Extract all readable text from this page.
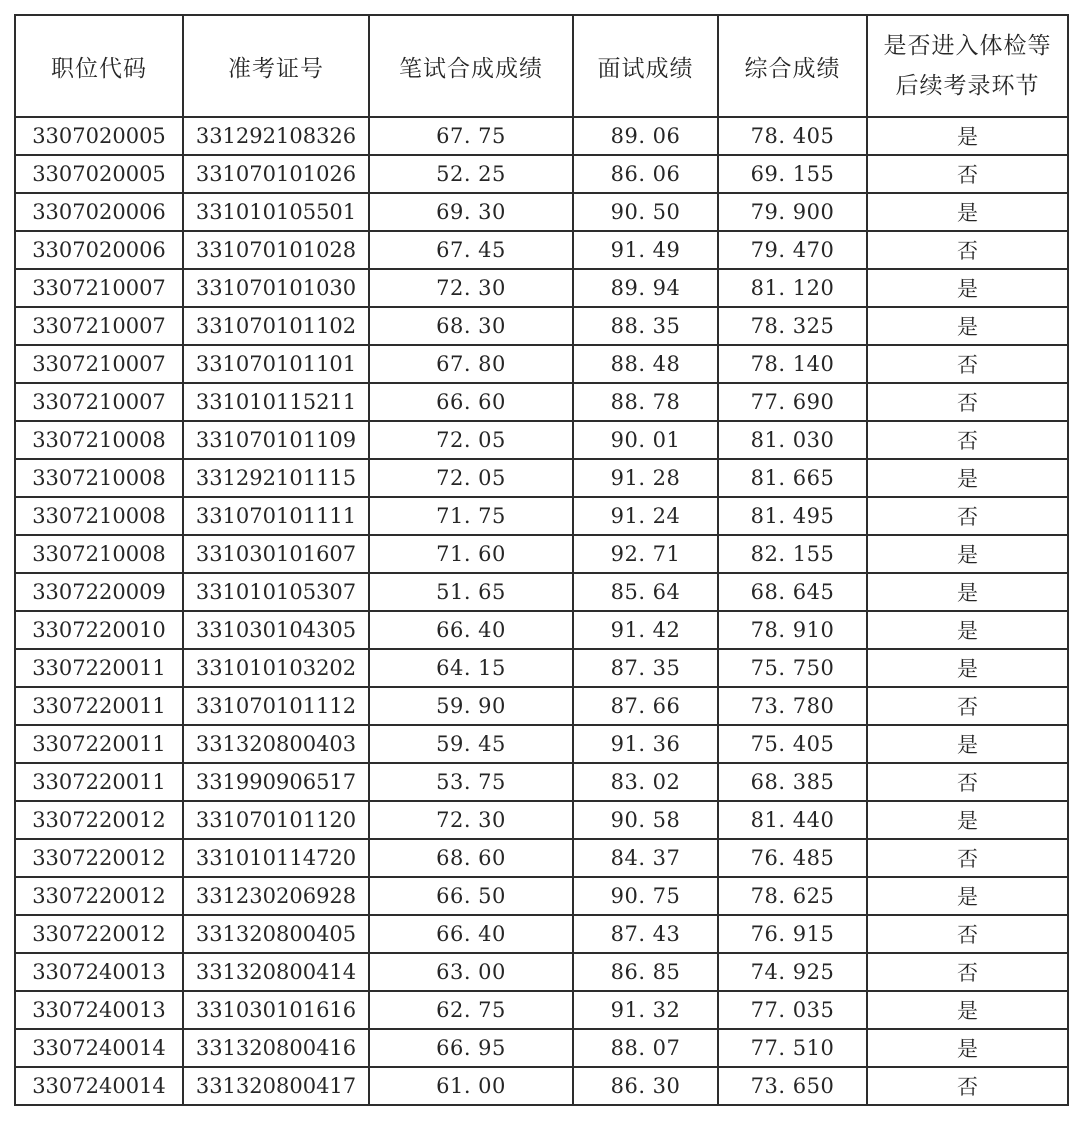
职位代码	准考证号	笔试合成成绩	面试成绩	综合成绩	是否进入体检等
后续考录环节

3307020005	331292108326	67. 75	89. 06	78. 405	是
3307020005	331070101026	52. 25	86. 06	69. 155	否
3307020006	331010105501	69. 30	90. 50	79. 900	是
3307020006	331070101028	67. 45	91. 49	79. 470	否
3307210007	331070101030	72. 30	89. 94	81. 120	是
3307210007	331070101102	68. 30	88. 35	78. 325	是
3307210007	331070101101	67. 80	88. 48	78. 140	否
3307210007	331010115211	66. 60	88. 78	77. 690	否
3307210008	331070101109	72. 05	90. 01	81. 030	否
3307210008	331292101115	72. 05	91. 28	81. 665	是
3307210008	331070101111	71. 75	91. 24	81. 495	否
3307210008	331030101607	71. 60	92. 71	82. 155	是
3307220009	331010105307	51. 65	85. 64	68. 645	是
3307220010	331030104305	66. 40	91. 42	78. 910	是
3307220011	331010103202	64. 15	87. 35	75. 750	是
3307220011	331070101112	59. 90	87. 66	73. 780	否
3307220011	331320800403	59. 45	91. 36	75. 405	是
3307220011	331990906517	53. 75	83. 02	68. 385	否
3307220012	331070101120	72. 30	90. 58	81. 440	是
3307220012	331010114720	68. 60	84. 37	76. 485	否
3307220012	331230206928	66. 50	90. 75	78. 625	是
3307220012	331320800405	66. 40	87. 43	76. 915	否
3307240013	331320800414	63. 00	86. 85	74. 925	否
3307240013	331030101616	62. 75	91. 32	77. 035	是
3307240014	331320800416	66. 95	88. 07	77. 510	是
3307240014	331320800417	61. 00	86. 30	73. 650	否
